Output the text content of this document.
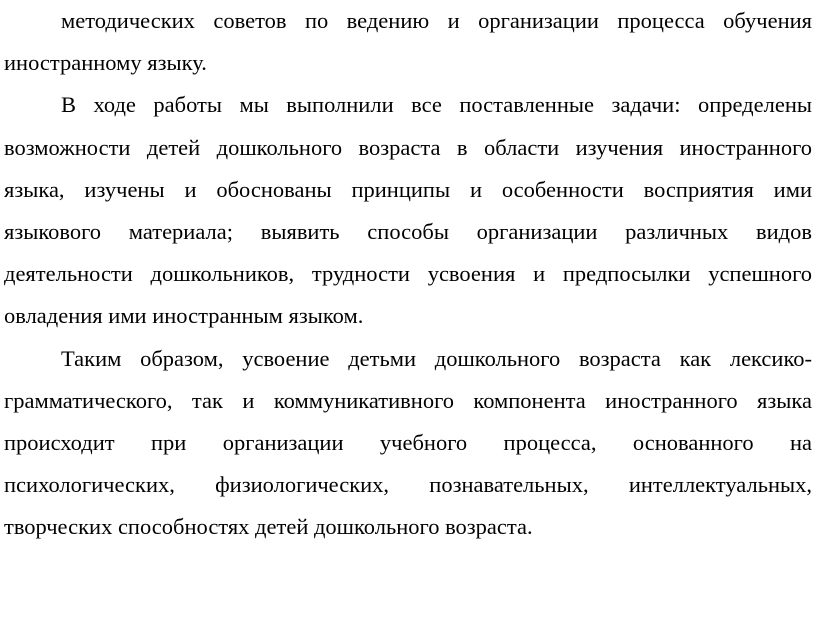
методических советов по ведению и организации процесса обучения
иностранному языку.

В ходе работы мы выполнили все поставленные задачи: определены
возможности детей дошкольного возраста в области изучения иностранного
языка, изучены и обоснованы принципы и особенности восприятия ими
языкового материала; выявить способы организации различных видов
деятельности дошкольников, трудности усвоения и предпосылки успешного
овладения ими иностранным языком.

Таким образом, усвоение детьми дошкольного возраста как лексико-
грамматического, так и коммуникативного компонента иностранного языка
происходит при организации учебного процесса, основанного на
психологических, физиологических, познавательных, интеллектуальных,
творческих способностях детей дошкольного возраста.
